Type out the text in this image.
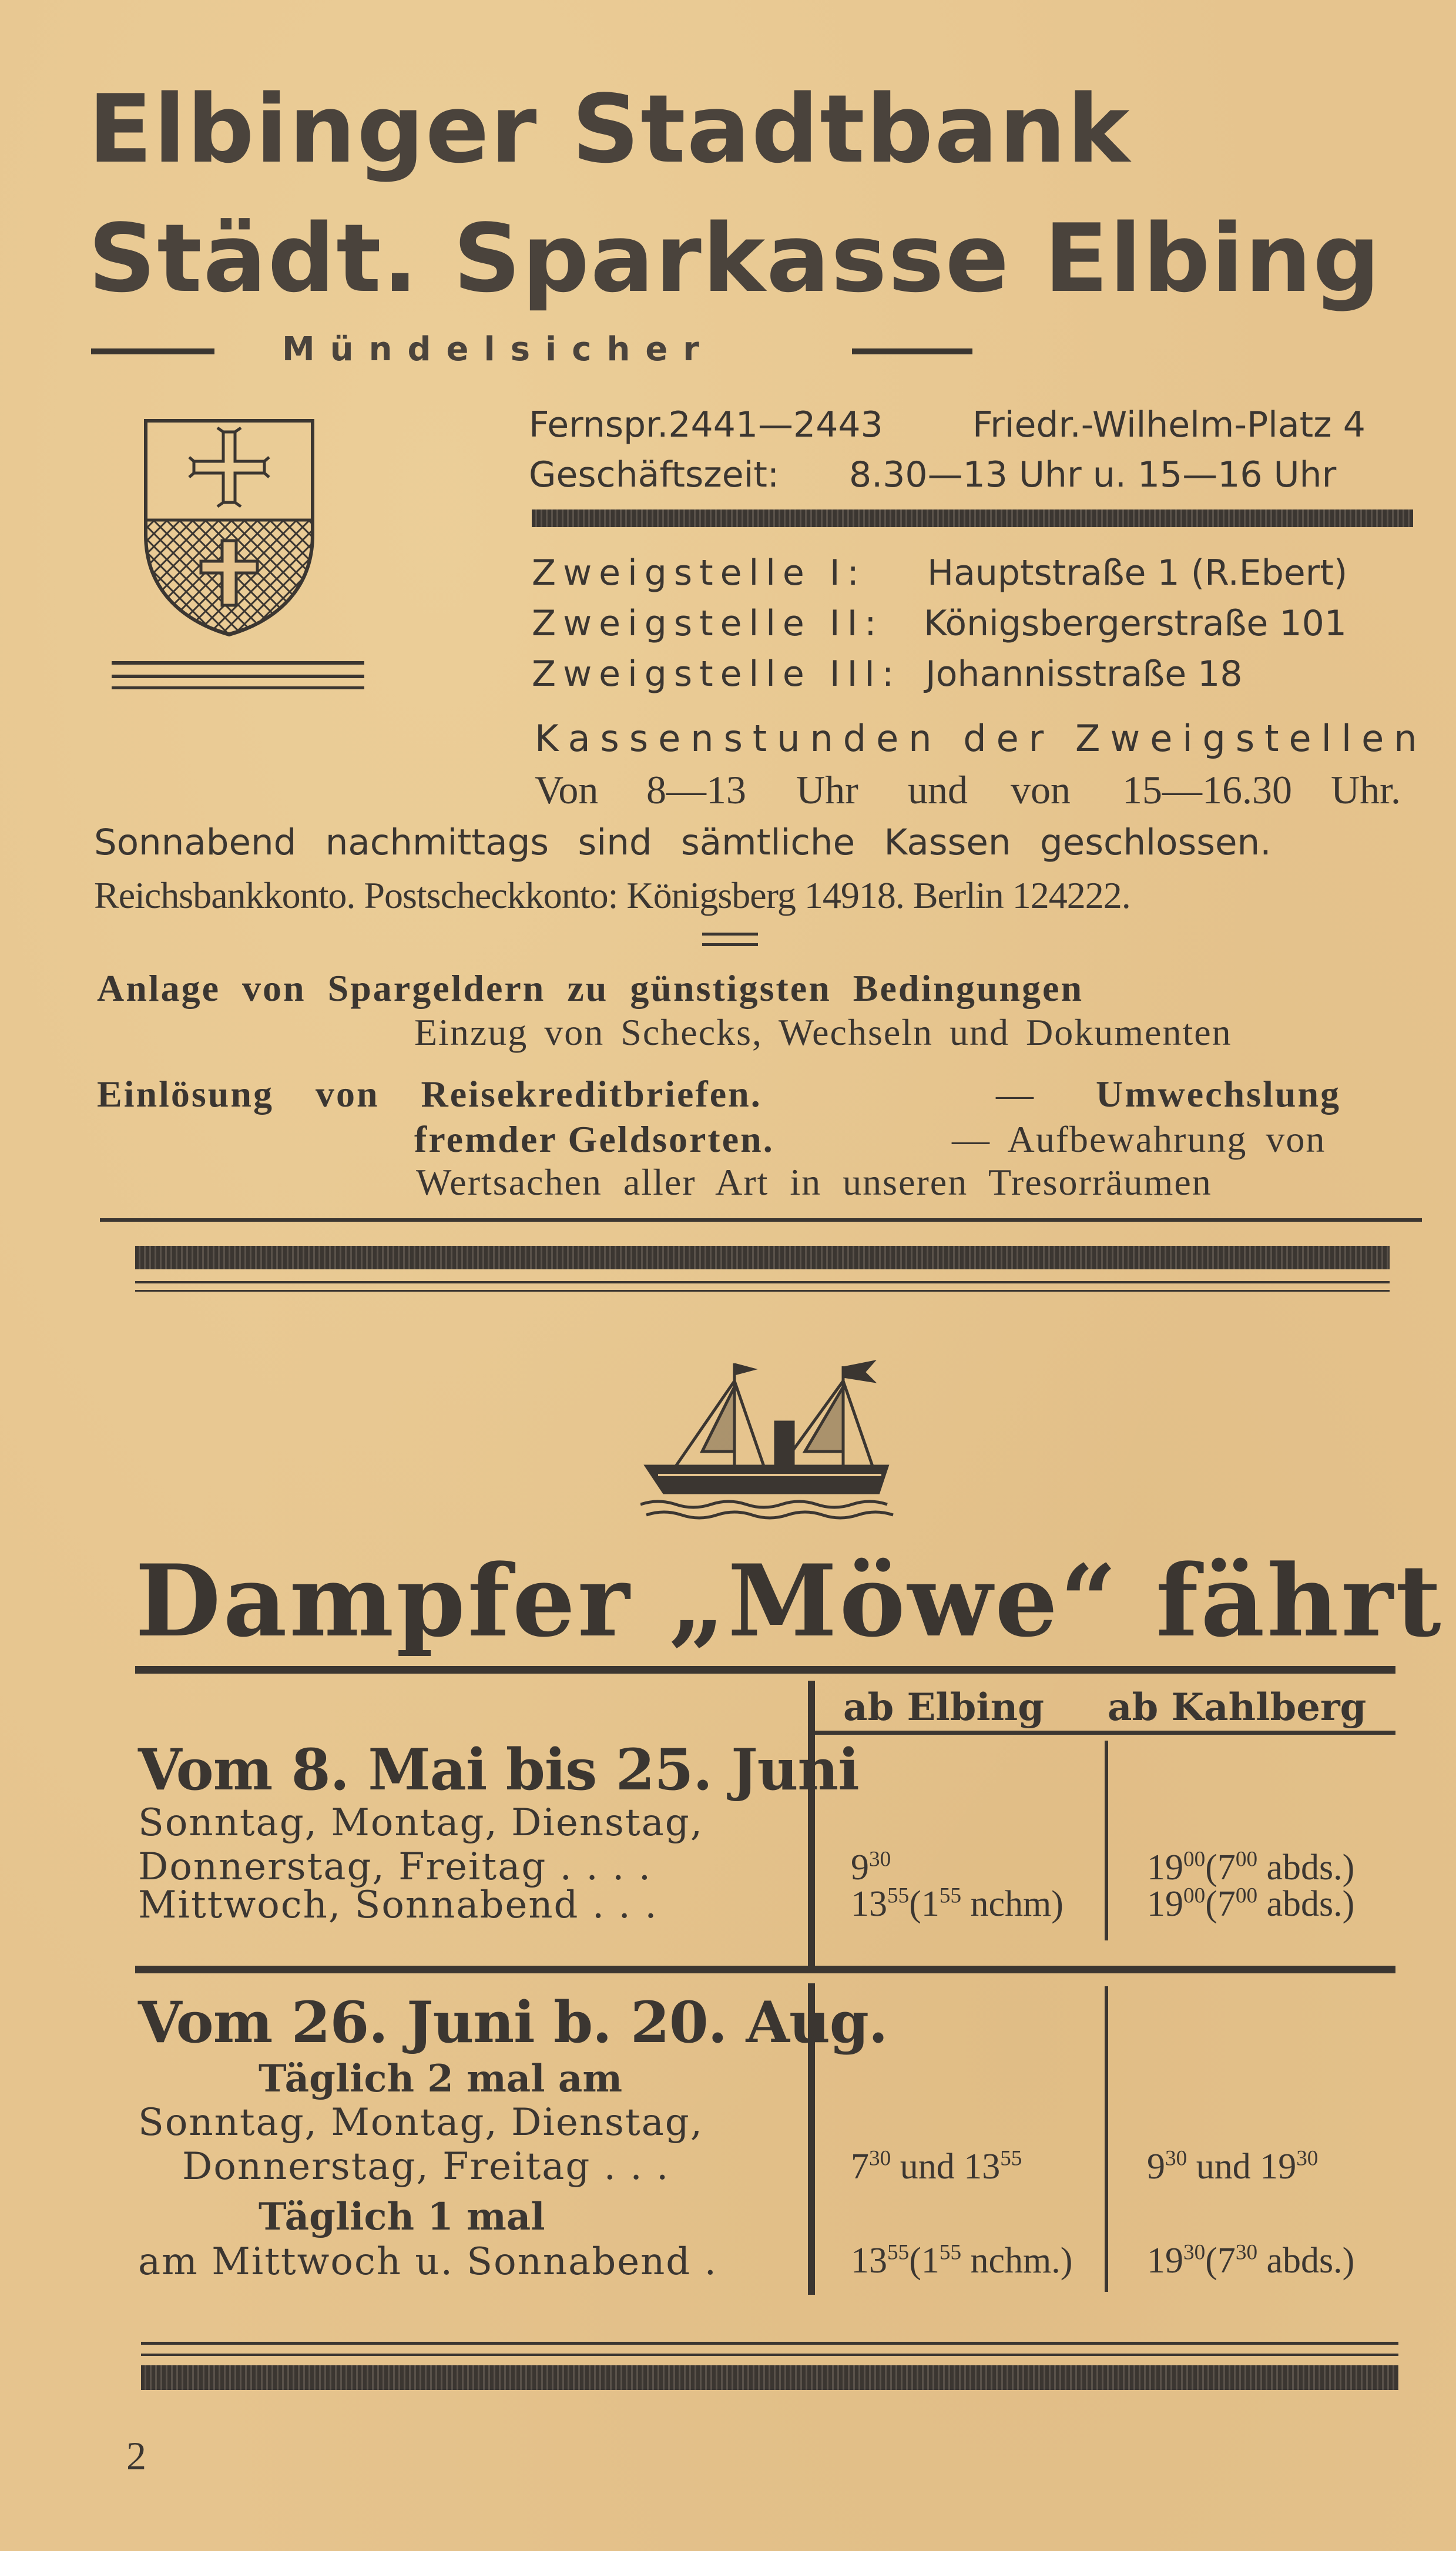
Elbinger Stadtbank
Städt. Sparkasse Elbing
Mündelsicher
Fernspr.2441—2443	Friedr.-Wilhelm-Platz 4
Geschäftszeit: 8.30—13 Uhr u. 15—16 Uhr
Zweigstelle I: Hauptstraße 1 (R.Ebert)
Zweigstelle II: Königsbergerstraße 101
Zweigstelle III: Johannisstraße 18
Kassenstunden der Zweigstellen
Von 8—13 Uhr und von 15—16.30 Uhr.
Sonnabend nachmittags sind sämtliche Kassen geschlossen.
Reichsbankkonto. Postscheckkonto: Königsberg 14918. Berlin 124222.
Anlage von Spargeldern zu günstigsten Bedingungen
Einzug von Schecks, Wechseln und Dokumenten
Einlösung von Reisekreditbriefen.	— Umwechslung
fremder Geldsorten.	— Aufbewahrung von
Wertsachen aller Art in unseren Tresorräumen
Dampfer „Möwe“ fährt
ab Elbing ab Kahlberg
Vom 8. Mai bis 25. Juni
Sonntag, Montag, Dienstag,
Donnerstag, Freitag . . . .	$9^{30}$	$19^{00}(7^{00}$ abds.)
Mittwoch, Sonnabend . . .	$13^{55}(1^{55}$ nchm) $19^{00}(7^{00}$ abds.)
Vom 26. Juni b. 20. Aug.
Täglich 2 mal am
Sonntag, Montag, Dienstag,
Donnerstag, Freitag . . .	$7^{30}$ und $13^{55}$	$9^{30}$ und $19^{30}$
Täglich 1 mal
am Mittwoch u. Sonnabend .	$13^{55}(1^{55}$ nchm.) $19^{30}(7^{30}$ abds.)
2
